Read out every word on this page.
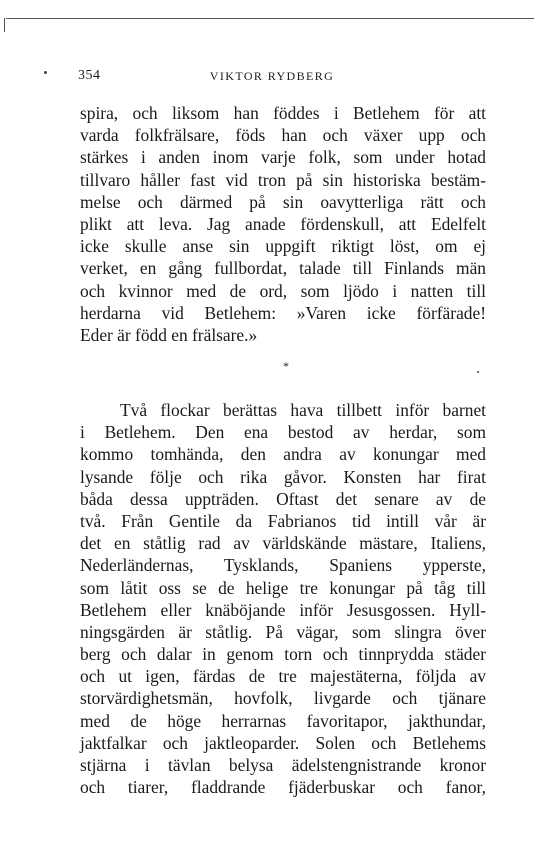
354	VIKTOR RYDBERG
spira, och liksom han föddes i Betlehem för att
varda folkfrälsare, föds han och växer upp och
stärkes i anden inom varje folk, som under hotad
tillvaro håller fast vid tron på sin historiska bestäm-
melse och därmed på sin oavytterliga rätt och
plikt att leva. Jag anade fördenskull, att Edelfelt
icke skulle anse sin uppgift riktigt löst, om ej
verket, en gång fullbordat, talade till Finlands män
och kvinnor med de ord, som ljödo i natten till
herdarna vid Betlehem: »Varen icke förfärade!
Eder är född en frälsare.»
*
Två flockar berättas hava tillbett inför barnet
i Betlehem. Den ena bestod av herdar, som
kommo tomhända, den andra av konungar med
lysande följe och rika gåvor. Konsten har firat
båda dessa uppträden. Oftast det senare av de
två. Från Gentile da Fabrianos tid intill vår är
det en ståtlig rad av världskände mästare, Italiens,
Nederländernas, Tysklands, Spaniens ypperste,
som låtit oss se de helige tre konungar på tåg till
Betlehem eller knäböjande inför Jesusgossen. Hyll-
ningsgärden är ståtlig. På vägar, som slingra över
berg och dalar in genom torn och tinnprydda städer
och ut igen, färdas de tre majestäterna, följda av
storvärdighetsmän, hovfolk, livgarde och tjänare
med de höge herrarnas favoritapor, jakthundar,
jaktfalkar och jaktleoparder. Solen och Betlehems
stjärna i tävlan belysa ädelstengnistrande kronor
och tiarer, fladdrande fjäderbuskar och fanor,
